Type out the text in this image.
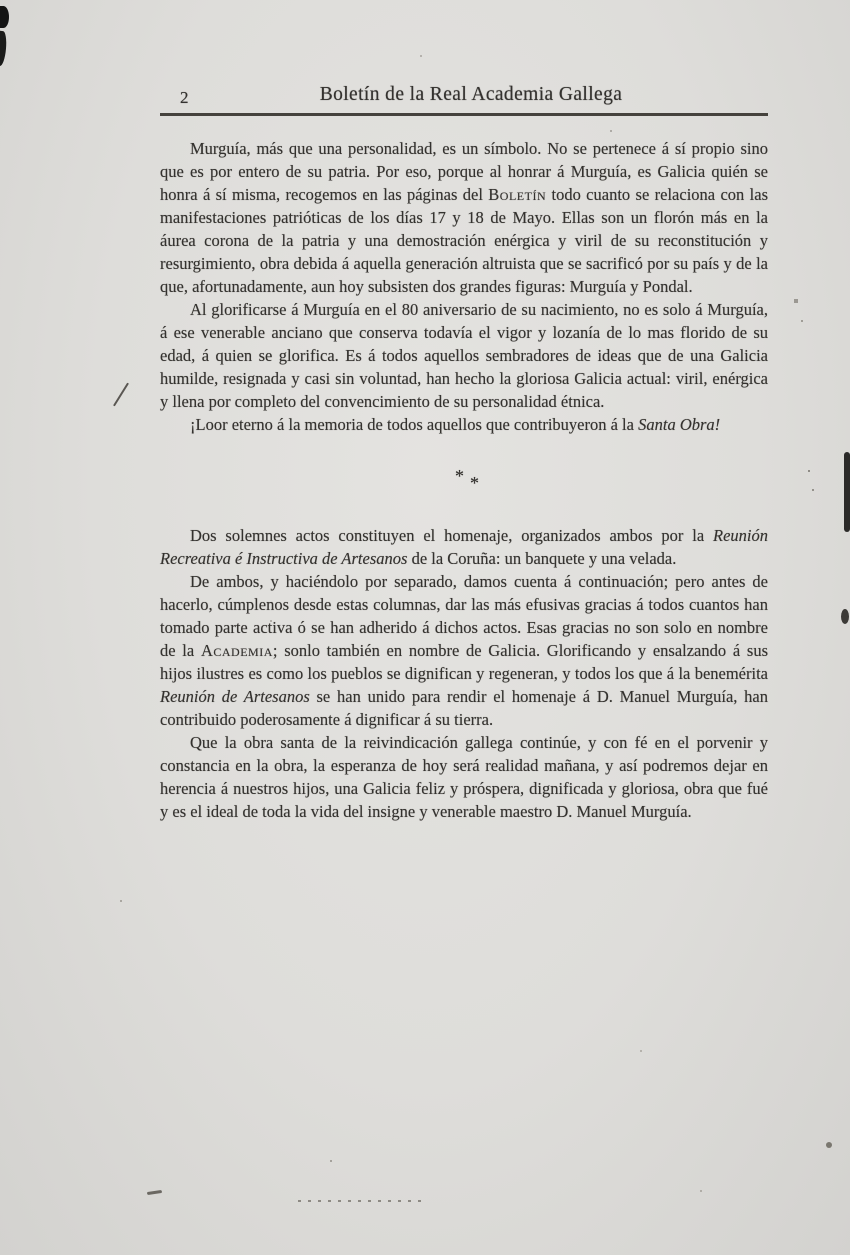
2	Boletín de la Real Academia Gallega

Murguía, más que una personalidad, es un símbolo. No se pertenece á sí propio sino que es por entero de su patria. Por eso, porque al honrar á Murguía, es Galicia quién se honra á sí misma, recogemos en las páginas del Boletín todo cuanto se relaciona con las manifestaciones patrióticas de los días 17 y 18 de Mayo. Ellas son un florón más en la áurea corona de la patria y una demostración enérgica y viril de su reconstitución y resurgimiento, obra debida á aquella generación altruista que se sacrificó por su país y de la que, afortunadamente, aun hoy subsisten dos grandes figuras: Murguía y Pondal.

Al glorificarse á Murguía en el 80 aniversario de su nacimiento, no es solo á Murguía, á ese venerable anciano que conserva todavía el vigor y lozanía de lo mas florido de su edad, á quien se glorifica. Es á todos aquellos sembradores de ideas que de una Galicia humilde, resignada y casi sin voluntad, han hecho la gloriosa Galicia actual: viril, enérgica y llena por completo del convencimiento de su personalidad étnica.

¡Loor eterno á la memoria de todos aquellos que contribuyeron á la Santa Obra!

* *

Dos solemnes actos constituyen el homenaje, organizados ambos por la Reunión Recreativa é Instructiva de Artesanos de la Coruña: un banquete y una velada.

De ambos, y haciéndolo por separado, damos cuenta á continuación; pero antes de hacerlo, cúmplenos desde estas columnas, dar las más efusivas gracias á todos cuantos han tomado parte activa ó se han adherido á dichos actos. Esas gracias no son solo en nombre de la Academia; sonlo también en nombre de Galicia. Glorificando y ensalzando á sus hijos ilustres es como los pueblos se dignifican y regeneran, y todos los que á la benemérita Reunión de Artesanos se han unido para rendir el homenaje á D. Manuel Murguía, han contribuido poderosamente á dignificar á su tierra.

Que la obra santa de la reivindicación gallega continúe, y con fé en el porvenir y constancia en la obra, la esperanza de hoy será realidad mañana, y así podremos dejar en herencia á nuestros hijos, una Galicia feliz y próspera, dignificada y gloriosa, obra que fué y es el ideal de toda la vida del insigne y venerable maestro D. Manuel Murguía.
